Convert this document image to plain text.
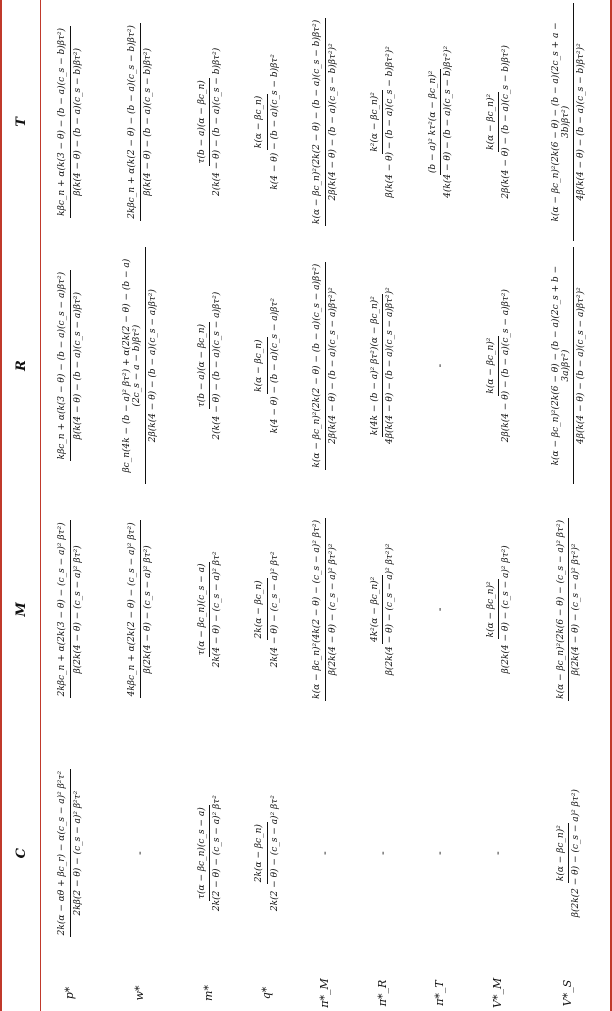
	C	M	R	T
p*	2k(α − αθ + βc_r) − α(c_s − a)² β²τ² 2kβ(2 − θ) − (c_s − a)² β²τ²	2kβc_n + α(2k(3 − θ) − (c_s − a)² βτ²) β(2k(4 − θ) − (c_s − a)² βτ²)	kβc_n + α(k(3 − θ) − (b − a)(c_s − a)βτ²) β(k(4 − θ) − (b − a)(c_s − a)βτ²)	kβc_n + α(k(3 − θ) − (b − a)(c_s − b)βτ²) β(k(4 − θ) − (b − a)(c_s − b)βτ²)

w*	-	4kβc_n + α(2k(2 − θ) − (c_s − a)² βτ²) β(2k(4 − θ) − (c_s − a)² βτ²)	βc_n(4k − (b − a)² βτ²) + α(2k(2 − θ) − (b − a)(2c_s − a − b)βτ²) 2β(k(4 − θ) − (b − a)(c_s − a)βτ²)	2kβc_n + α(k(2 − θ) − (b − a)(c_s − b)βτ²) β(k(4 − θ) − (b − a)(c_s − b)βτ²)

m*	τ(α − βc_n)(c_s − a) 2k(2 − θ) − (c_s − a)² βτ²	τ(α − βc_n)(c_s − a) 2k(4 − θ) − (c_s − a)² βτ²	τ(b − a)(α − βc_n) 2(k(4 − θ) − (b − a)(c_s − a)βτ²)	τ(b − a)(α − βc_n) 2(k(4 − θ) − (b − a)(c_s − b)βτ²)

q*	2k(α − βc_n) 2k(2 − θ) − (c_s − a)² βτ²	2k(α − βc_n) 2k(4 − θ) − (c_s − a)² βτ²	k(α − βc_n) k(4 − θ) − (b − a)(c_s − a)βτ²	k(α − βc_n) k(4 − θ) − (b − a)(c_s − b)βτ²

π*_M	-	k(α − βc_n)²(4k(2 − θ) − (c_s − a)² βτ²) β(2k(4 − θ) − (c_s − a)² βτ²)²	k(α − βc_n)²(2k(2 − θ) − (b − a)(c_s − a)βτ²) 2β(k(4 − θ) − (b − a)(c_s − a)βτ²)²	k(α − βc_n)²(2k(2 − θ) − (b − a)(c_s − b)βτ²) 2β(k(4 − θ) − (b − a)(c_s − b)βτ²)²

π*_R	-	4k²(α − βc_n)² β(2k(4 − θ) − (c_s − a)² βτ²)²	k(4k − (b − a)² βτ²)(α − βc_n)² 4β(k(4 − θ) − (b − a)(c_s − a)βτ²)²	k²(α − βc_n)² β(k(4 − θ) − (b − a)(c_s − b)βτ²)²

π*_T	-	-	-	(b − a)² kτ²(α − βc_n)² 4(k(4 − θ) − (b − a)(c_s − b)βτ²)²

V*_M	-	k(α − βc_n)² β(2k(4 − θ) − (c_s − a)² βτ²)	k(α − βc_n)² 2β(k(4 − θ) − (b − a)(c_s − a)βτ²)	k(α − βc_n)² 2β(k(4 − θ) − (b − a)(c_s − b)βτ²)

V*_S	k(α − βc_n)² β(2k(2 − θ) − (c_s − a)² βτ²)	k(α − βc_n)²(2k(6 − θ) − (c_s − a)² βτ²) β(2k(4 − θ) − (c_s − a)² βτ²)²	k(α − βc_n)²(2k(6 − θ) − (b − a)(2c_s + b − 3a)βτ²) 4β(k(4 − θ) − (b − a)(c_s − a)βτ²)²	k(α − βc_n)²(2k(6 − θ) − (b − a)(2c_s + a − 3b)βτ²) 4β(k(4 − θ) − (b − a)(c_s − b)βτ²)²
